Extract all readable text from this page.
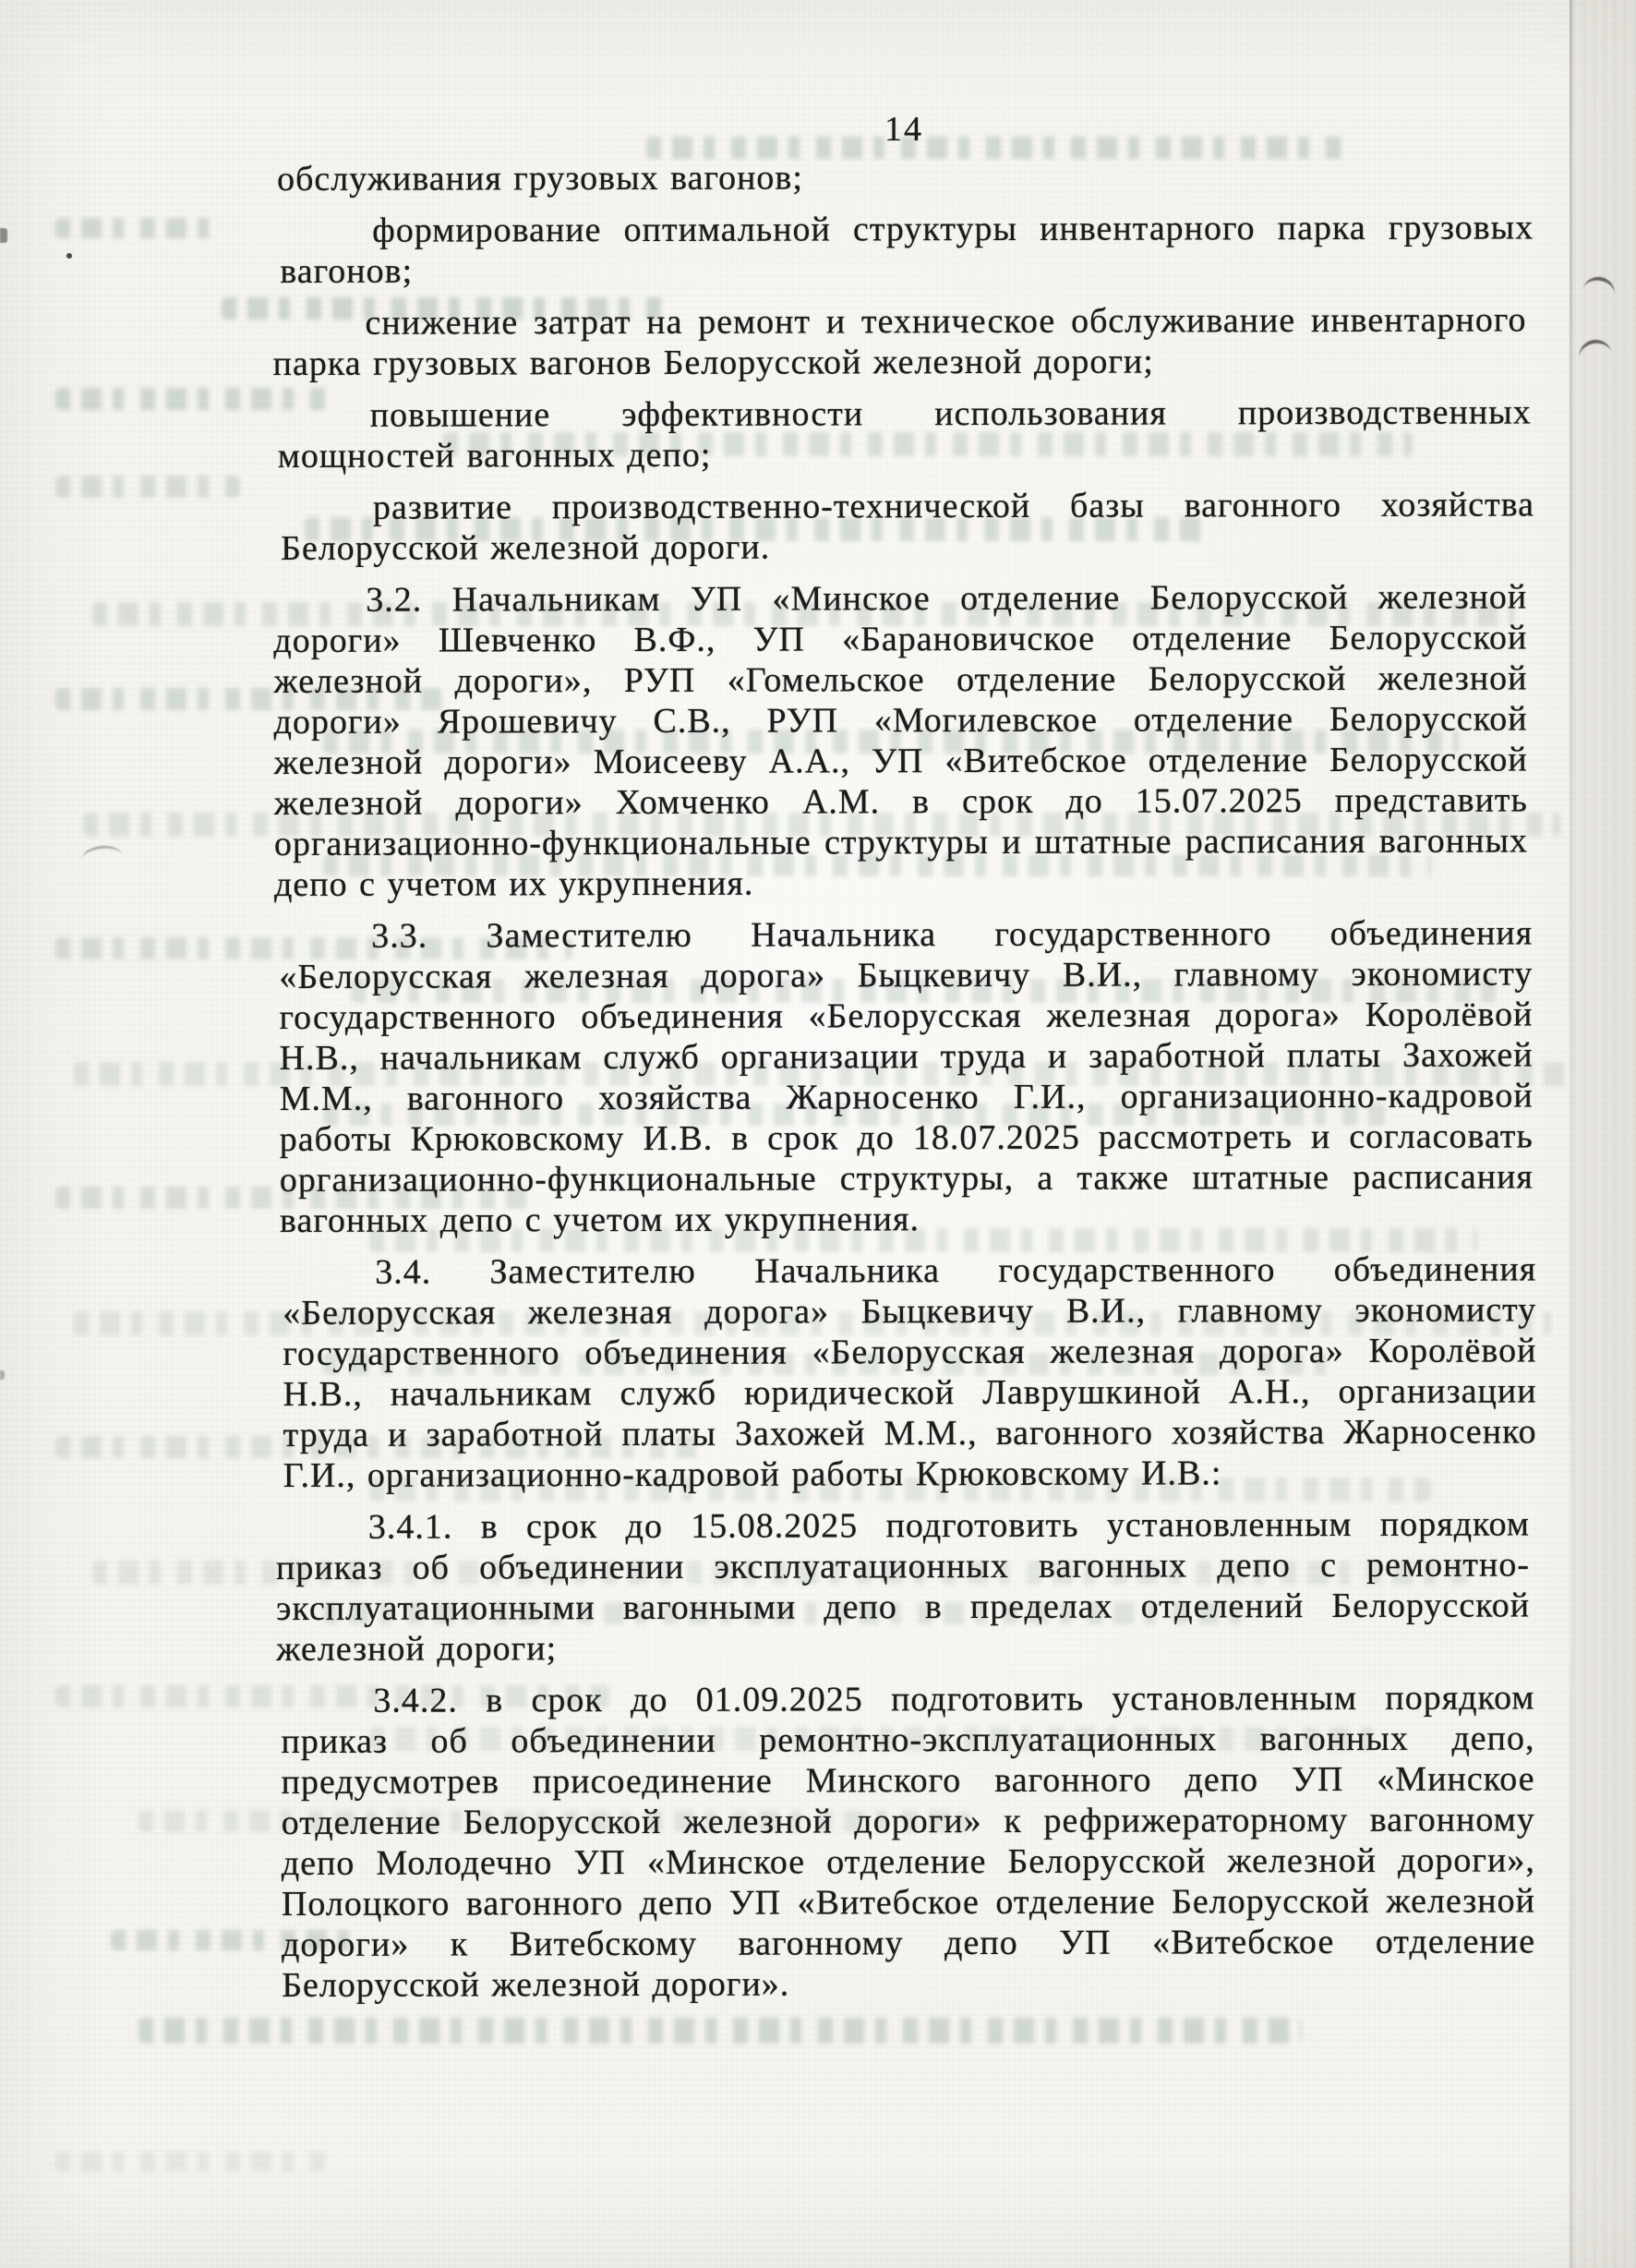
14

обслуживания грузовых вагонов;

формирование оптимальной структуры инвентарного парка грузовых вагонов;

снижение затрат на ремонт и техническое обслуживание инвентарного парка грузовых вагонов Белорусской железной дороги;

повышение эффективности использования производственных мощностей вагонных депо;

развитие производственно-технической базы вагонного хозяйства Белорусской железной дороги.

3.2. Начальникам УП «Минское отделение Белорусской железной дороги» Шевченко В.Ф., УП «Барановичское отделение Белорусской железной дороги», РУП «Гомельское отделение Белорусской железной дороги» Ярошевичу С.В., РУП «Могилевское отделение Белорусской железной дороги» Моисееву А.А., УП «Витебское отделение Белорусской железной дороги» Хомченко А.М. в срок до 15.07.2025 представить организационно-функциональные структуры и штатные расписания вагонных депо с учетом их укрупнения.

3.3. Заместителю Начальника государственного объединения «Белорусская железная дорога» Быцкевичу В.И., главному экономисту государственного объединения «Белорусская железная дорога» Королёвой Н.В., начальникам служб организации труда и заработной платы Захожей М.М., вагонного хозяйства Жарносенко Г.И., организационно-кадровой работы Крюковскому И.В. в срок до 18.07.2025 рассмотреть и согласовать организационно-функциональные структуры, а также штатные расписания вагонных депо с учетом их укрупнения.

3.4. Заместителю Начальника государственного объединения «Белорусская железная дорога» Быцкевичу В.И., главному экономисту государственного объединения «Белорусская железная дорога» Королёвой Н.В., начальникам служб юридической Лаврушкиной А.Н., организации труда и заработной платы Захожей М.М., вагонного хозяйства Жарносенко Г.И., организационно-кадровой работы Крюковскому И.В.:

3.4.1. в срок до 15.08.2025 подготовить установленным порядком приказ об объединении эксплуатационных вагонных депо с ремонтно-эксплуатационными вагонными депо в пределах отделений Белорусской железной дороги;

3.4.2. в срок до 01.09.2025 подготовить установленным порядком приказ об объединении ремонтно-эксплуатационных вагонных депо, предусмотрев присоединение Минского вагонного депо УП «Минское отделение Белорусской железной дороги» к рефрижераторному вагонному депо Молодечно УП «Минское отделение Белорусской железной дороги», Полоцкого вагонного депо УП «Витебское отделение Белорусской железной дороги» к Витебскому вагонному депо УП «Витебское отделение Белорусской железной дороги».
